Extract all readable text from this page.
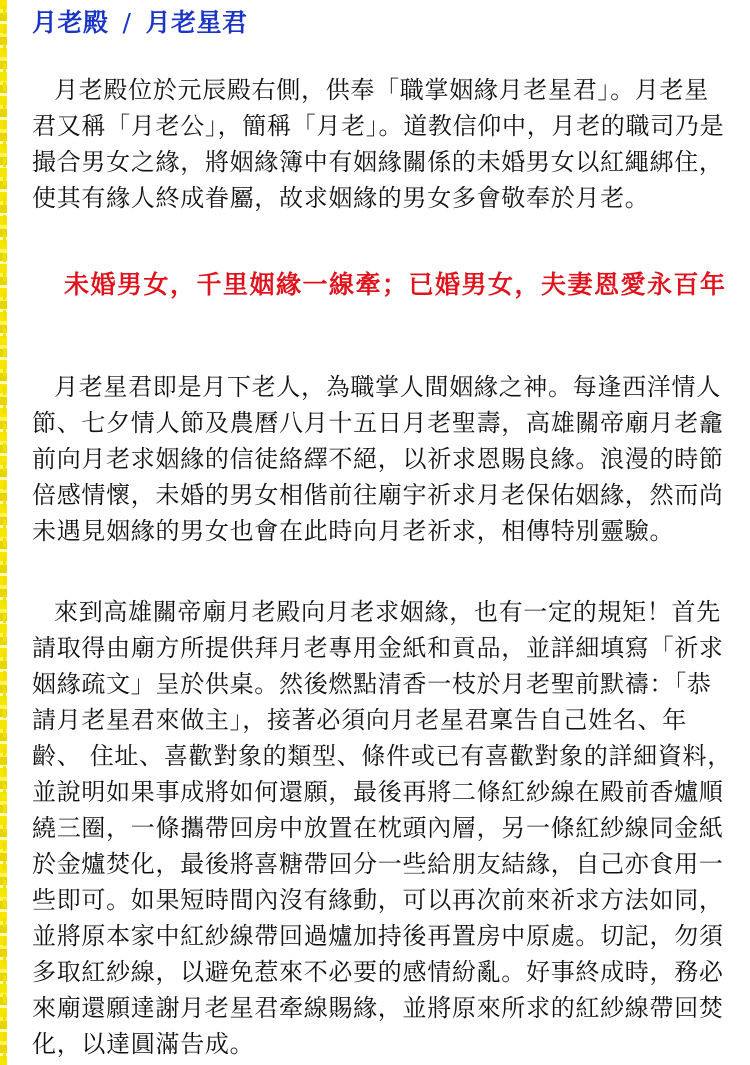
月老殿 / 月老星君

月老殿位於元辰殿右側，供奉「職掌姻緣月老星君」。月老星君又稱「月老公」，簡稱「月老」。道教信仰中，月老的職司乃是撮合男女之緣，將姻緣簿中有姻緣關係的未婚男女以紅繩綁住，使其有緣人終成眷屬，故求姻緣的男女多會敬奉於月老。

未婚男女，千里姻緣一線牽；已婚男女，夫妻恩愛永百年

月老星君即是月下老人，為職掌人間姻緣之神。每逢西洋情人節、七夕情人節及農曆八月十五日月老聖壽，高雄關帝廟月老龕前向月老求姻緣的信徒絡繹不絕，以祈求恩賜良緣。浪漫的時節倍感情懷，未婚的男女相偕前往廟宇祈求月老保佑姻緣，然而尚未遇見姻緣的男女也會在此時向月老祈求，相傳特別靈驗。

來到高雄關帝廟月老殿向月老求姻緣，也有一定的規矩！首先請取得由廟方所提供拜月老專用金紙和貢品，並詳細填寫「祈求姻緣疏文」呈於供桌。然後燃點清香一枝於月老聖前默禱：「恭請月老星君來做主」，接著必須向月老星君稟告自己姓名、年齡、 住址、喜歡對象的類型、條件或已有喜歡對象的詳細資料，並說明如果事成將如何還願，最後再將二條紅紗線在殿前香爐順繞三圈，一條攜帶回房中放置在枕頭內層，另一條紅紗線同金紙於金爐焚化，最後將喜糖帶回分一些給朋友結緣，自己亦食用一些即可。如果短時間內沒有緣動，可以再次前來祈求方法如同，並將原本家中紅紗線帶回過爐加持後再置房中原處。切記，勿須多取紅紗線，以避免惹來不必要的感情紛亂。好事終成時，務必來廟還願達謝月老星君牽線賜緣，並將原來所求的紅紗線帶回焚化，以達圓滿告成。
